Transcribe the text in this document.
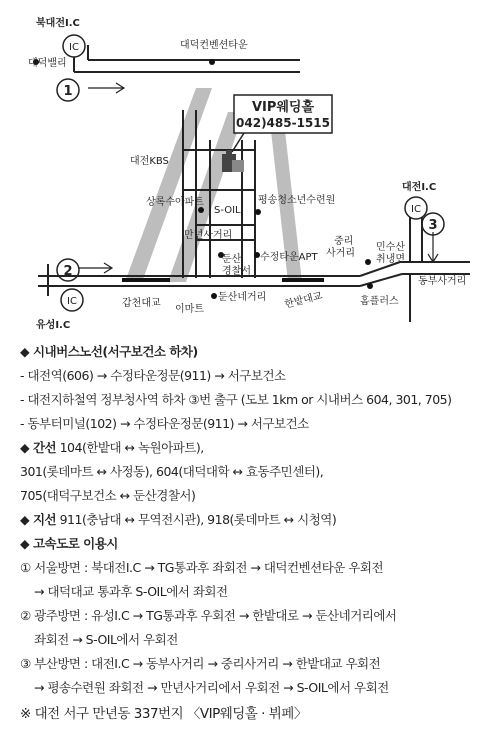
북대전I.C
IC
대덕밸리
1
대덕컨벤션타운
VIP웨딩홀
042)485-1515
대전KBS
상록수아파트
S-OIL
평송청소년수련원
대전I.C
IC
3
만년사거리
둔산
경찰서
수정타운APT
중리
사거리
민수산
취냉면
동부사거리
2
갑천대교
이마트
둔산네거리 한밭대교	홈플러스
IC
유성I.C
◆ 시내버스노선(서구보건소 하차)
- 대전역(606) → 수정타운정문(911) → 서구보건소
- 대전지하철역 정부청사역 하차 ③번 출구 (도보 1km or 시내버스 604, 301, 705)
- 동부터미널(102) → 수정타운정문(911) → 서구보건소
◆ 간선 104(한밭대 ↔ 녹원아파트),
301(롯데마트 ↔ 사정동), 604(대덕대학 ↔ 효동주민센터),
705(대덕구보건소 ↔ 둔산경찰서)
◆ 지선 911(충남대 ↔ 무역전시관), 918(롯데마트 ↔ 시청역)
◆ 고속도로 이용시
① 서울방면 : 북대전I.C → TG통과후 좌회전 → 대덕컨벤션타운 우회전
→ 대덕대교 통과후 S-OIL에서 좌회전
② 광주방면 : 유성I.C → TG통과후 우회전 → 한밭대로 → 둔산네거리에서
좌회전 → S-OIL에서 우회전
③ 부산방면 : 대전I.C → 동부사거리 → 중리사거리 → 한밭대교 우회전
→ 평송수련원 좌회전 → 만년사거리에서 우회전 → S-OIL에서 우회전
※ 대전 서구 만년동 337번지 〈VIP웨딩홀 · 뷔페〉
